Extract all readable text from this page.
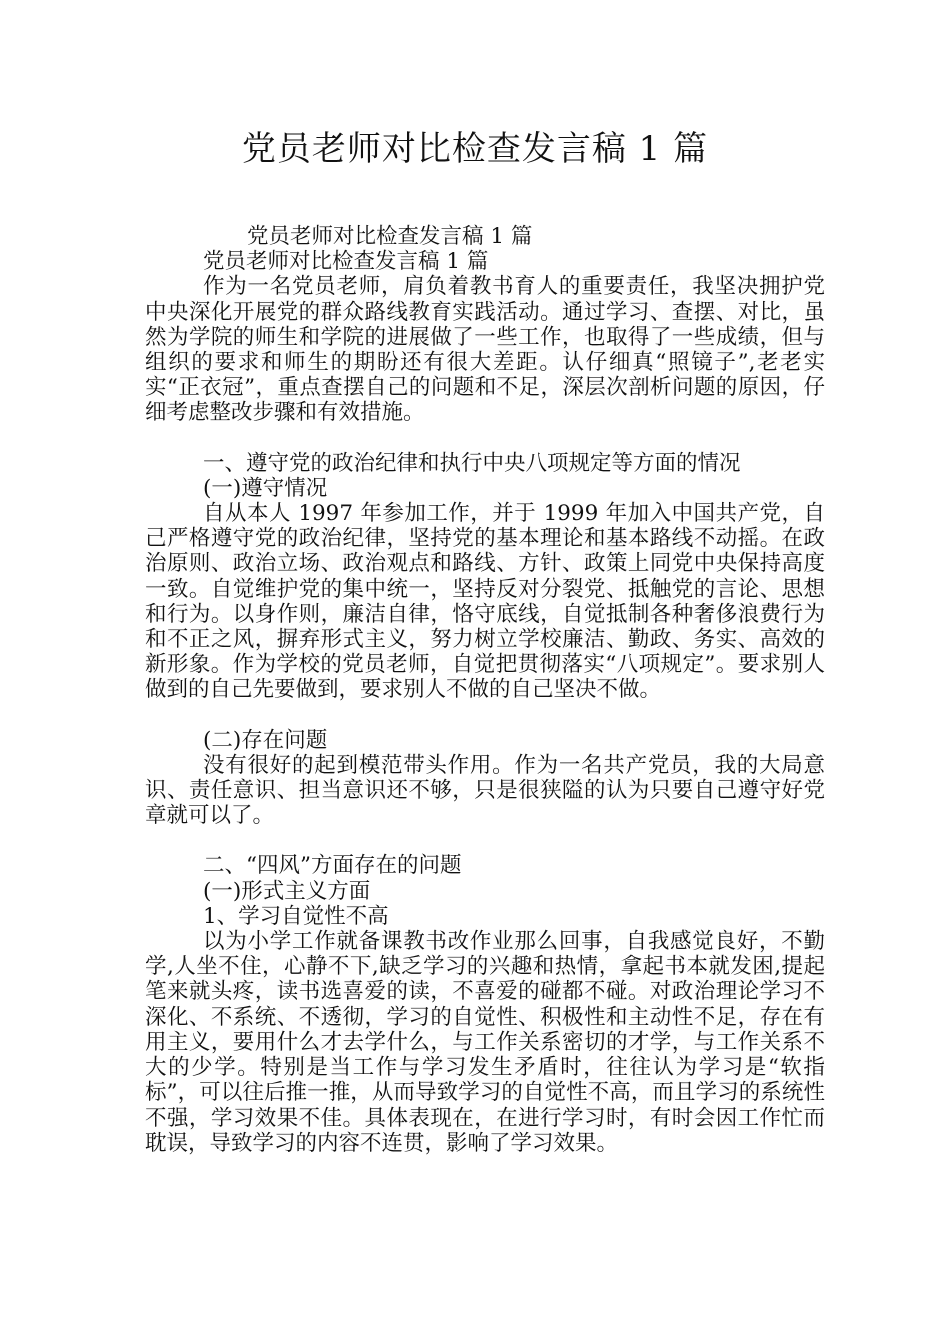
党员老师对比检查发言稿 1 篇

党员老师对比检查发言稿 1 篇

党员老师对比检查发言稿 1 篇

作为一名党员老师，肩负着教书育人的重要责任，我坚决拥护党中央深化开展党的群众路线教育实践活动。通过学习、查摆、对比，虽然为学院的师生和学院的进展做了一些工作，也取得了一些成绩，但与组织的要求和师生的期盼还有很大差距。认仔细真“照镜子”,老老实实“正衣冠”，重点查摆自己的问题和不足，深层次剖析问题的原因，仔细考虑整改步骤和有效措施。

一、遵守党的政治纪律和执行中央八项规定等方面的情况

(一)遵守情况

自从本人 1997 年参加工作，并于 1999 年加入中国共产党，自己严格遵守党的政治纪律，坚持党的基本理论和基本路线不动摇。在政治原则、政治立场、政治观点和路线、方针、政策上同党中央保持高度一致。自觉维护党的集中统一，坚持反对分裂党、抵触党的言论、思想和行为。以身作则，廉洁自律，恪守底线，自觉抵制各种奢侈浪费行为和不正之风，摒弃形式主义，努力树立学校廉洁、勤政、务实、高效的新形象。作为学校的党员老师，自觉把贯彻落实“八项规定”。要求别人做到的自己先要做到，要求别人不做的自己坚决不做。

(二)存在问题

没有很好的起到模范带头作用。作为一名共产党员，我的大局意识、责任意识、担当意识还不够，只是很狭隘的认为只要自己遵守好党章就可以了。

二、“四风”方面存在的问题

(一)形式主义方面

1、学习自觉性不高

以为小学工作就备课教书改作业那么回事，自我感觉良好，不勤学,人坐不住，心静不下,缺乏学习的兴趣和热情，拿起书本就发困,提起笔来就头疼，读书选喜爱的读，不喜爱的碰都不碰。对政治理论学习不深化、不系统、不透彻，学习的自觉性、积极性和主动性不足，存在有用主义，要用什么才去学什么，与工作关系密切的才学，与工作关系不大的少学。特别是当工作与学习发生矛盾时，往往认为学习是“软指标”，可以往后推一推，从而导致学习的自觉性不高，而且学习的系统性不强，学习效果不佳。具体表现在，在进行学习时，有时会因工作忙而耽误，导致学习的内容不连贯，影响了学习效果。
